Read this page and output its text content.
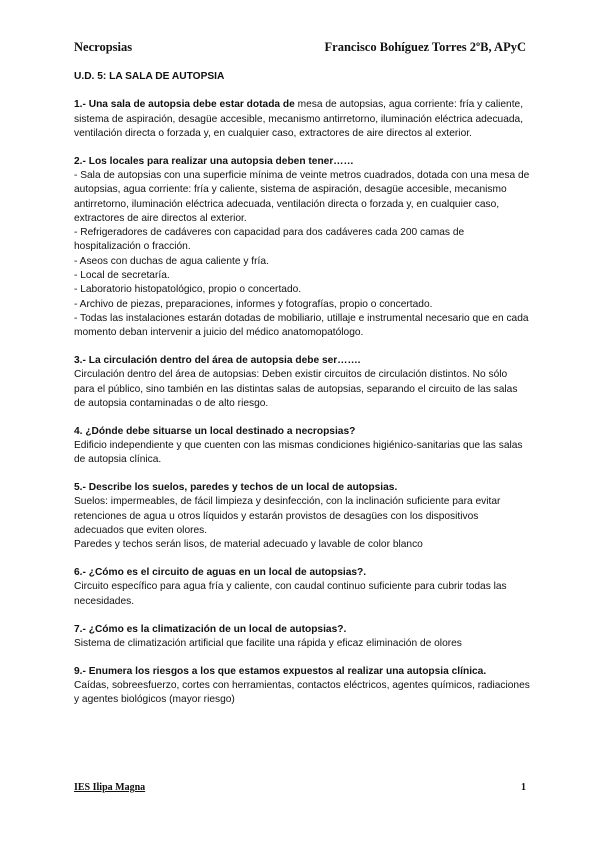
Necropsias	Francisco Bohíguez Torres 2ºB, APyC
U.D. 5: LA SALA DE AUTOPSIA

1.- Una sala de autopsia debe estar dotada de mesa de autopsias, agua corriente: fría y caliente, sistema de aspiración, desagüe accesible, mecanismo antirretorno, iluminación eléctrica adecuada, ventilación directa o forzada y, en cualquier caso, extractores de aire directos al exterior.

2.- Los locales para realizar una autopsia deben tener……

- Sala de autopsias con una superficie mínima de veinte metros cuadrados, dotada con una mesa de autopsias, agua corriente: fría y caliente, sistema de aspiración, desagüe accesible, mecanismo antirretorno, iluminación eléctrica adecuada, ventilación directa o forzada y, en cualquier caso, extractores de aire directos al exterior.

- Refrigeradores de cadáveres con capacidad para dos cadáveres cada 200 camas de hospitalización o fracción.

- Aseos con duchas de agua caliente y fría.

- Local de secretaría.

- Laboratorio histopatológico, propio o concertado.

- Archivo de piezas, preparaciones, informes y fotografías, propio o concertado.

- Todas las instalaciones estarán dotadas de mobiliario, utillaje e instrumental necesario que en cada momento deban intervenir a juicio del médico anatomopatólogo.

3.- La circulación dentro del área de autopsia debe ser…….

Circulación dentro del área de autopsias: Deben existir circuitos de circulación distintos. No sólo para el público, sino también en las distintas salas de autopsias, separando el circuito de las salas de autopsia contaminadas o de alto riesgo.

4. ¿Dónde debe situarse un local destinado a necropsias?

Edificio independiente y que cuenten con las mismas condiciones higiénico-sanitarias que las salas de autopsia clínica.

5.- Describe los suelos, paredes y techos de un local de autopsias.

Suelos: impermeables, de fácil limpieza y desinfección, con la inclinación suficiente para evitar retenciones de agua u otros líquidos y estarán provistos de desagües con los dispositivos adecuados que eviten olores.

Paredes y techos serán lisos, de material adecuado y lavable de color blanco

6.- ¿Cómo es el circuito de aguas en un local de autopsias?.

Circuito específico para agua fría y caliente, con caudal continuo suficiente para cubrir todas las necesidades.

7.- ¿Cómo es la climatización de un local de autopsias?.

Sistema de climatización artificial que facilite una rápida y eficaz eliminación de olores

9.- Enumera los riesgos a los que estamos expuestos al realizar una autopsia clínica.

Caídas, sobreesfuerzo, cortes con herramientas, contactos eléctricos, agentes químicos, radiaciones y agentes biológicos (mayor riesgo)

IES Ilipa Magna	1
